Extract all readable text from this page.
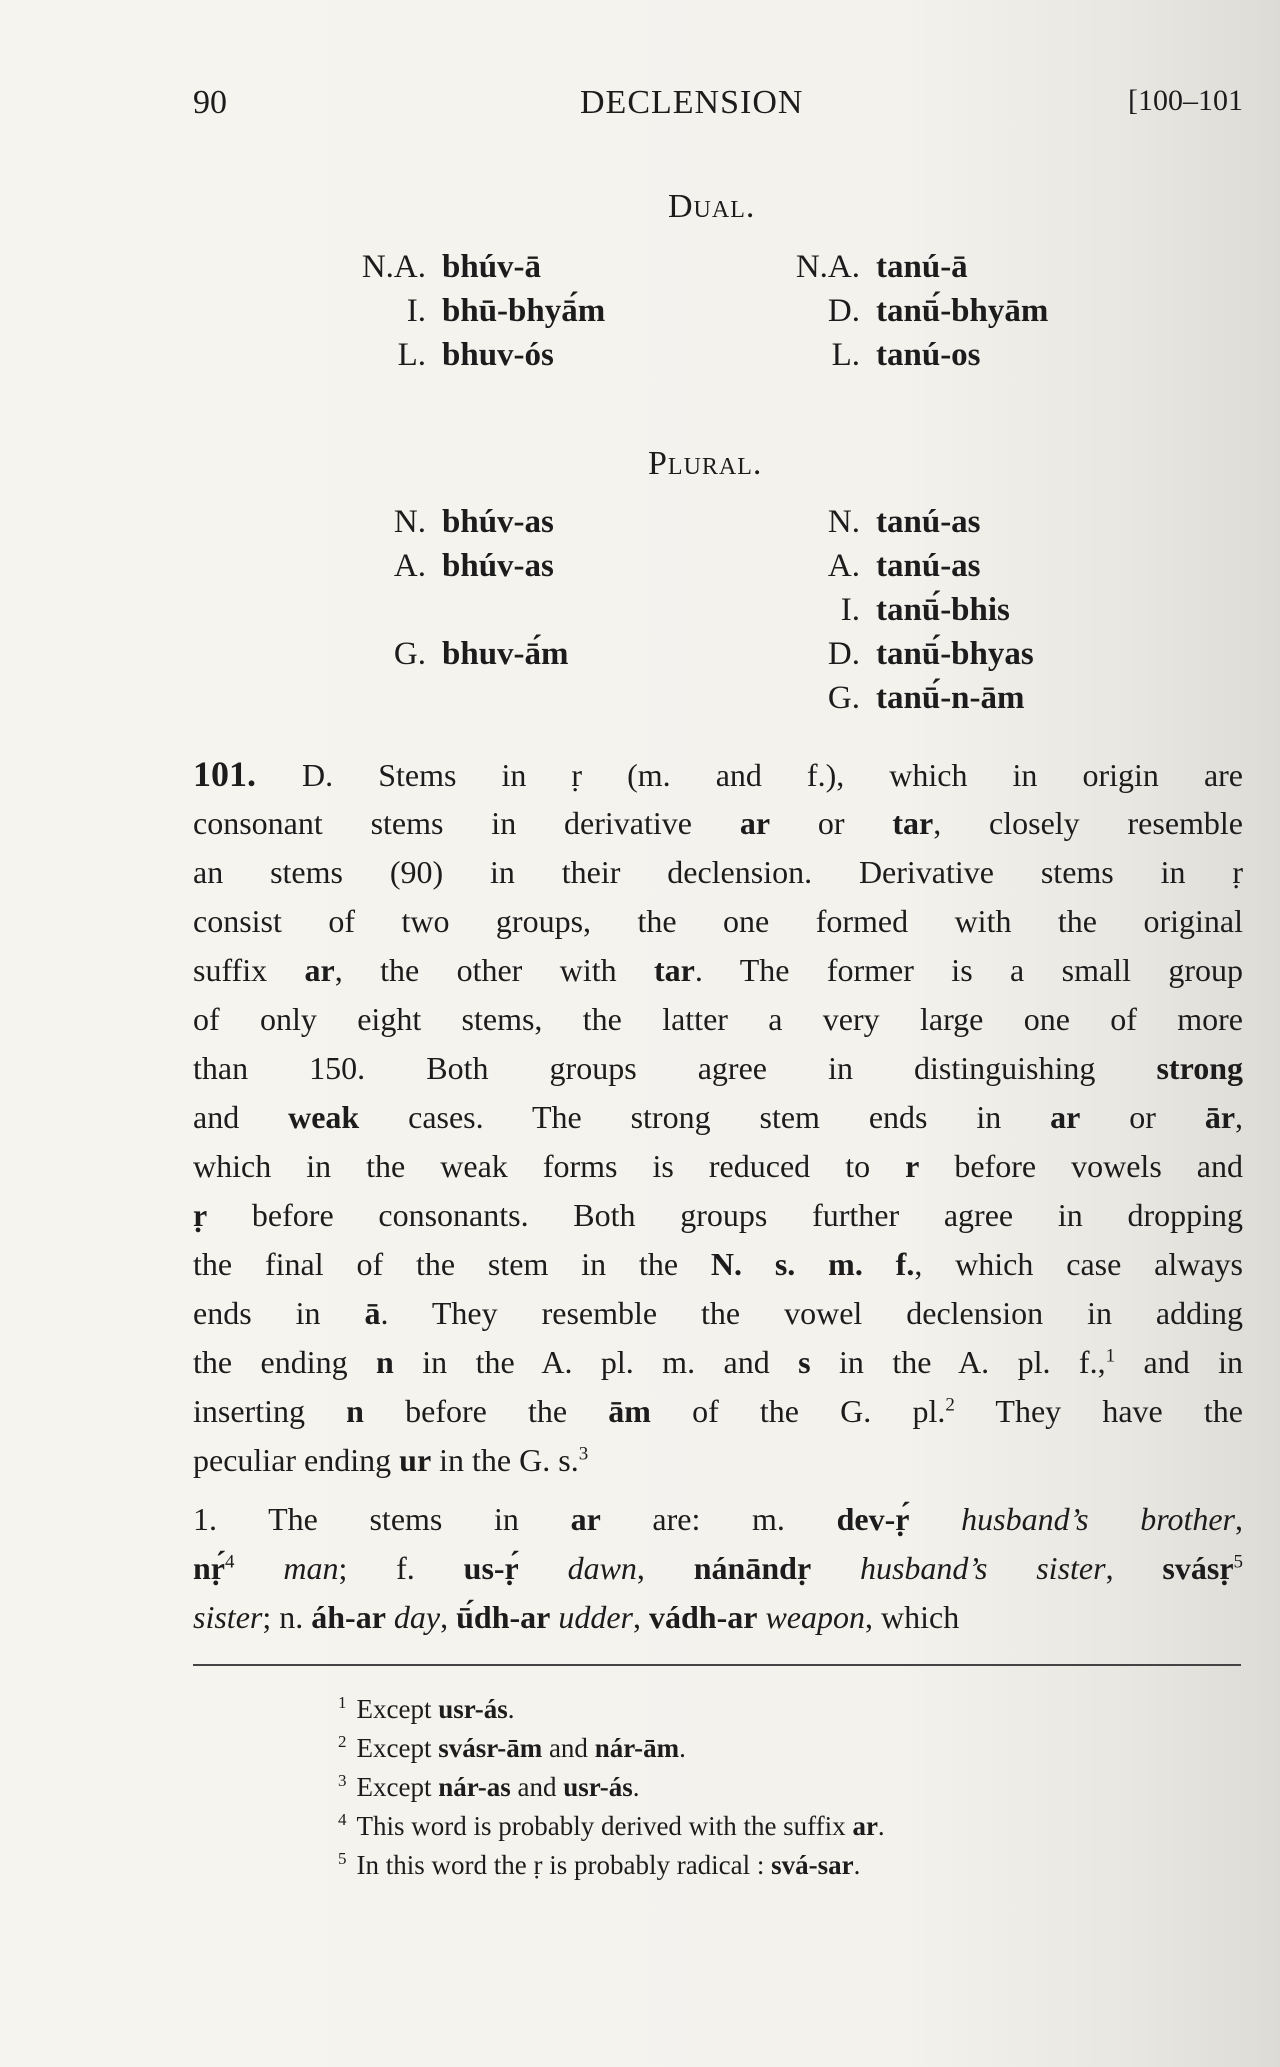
90	DECLENSION	[100–101
Dual.
N.A. bhúv-ā
I. bhū-bhyā́m
L. bhuv-ós
N.A. tanú-ā
D. tanū́-bhyām
L. tanú-os
Plural.
N. bhúv-as
A. bhúv-as
G. bhuv-ā́m
N. tanú-as
A. tanú-as
I. tanū́-bhis
D. tanū́-bhyas
G. tanū́-n-ām
101. D. Stems in ṛ (m. and f.), which in origin are
consonant stems in derivative ar or tar, closely resemble
an stems (90) in their declension. Derivative stems in ṛ
consist of two groups, the one formed with the original
suffix ar, the other with tar. The former is a small group
of only eight stems, the latter a very large one of more
than 150. Both groups agree in distinguishing strong
and weak cases. The strong stem ends in ar or ār,
which in the weak forms is reduced to r before vowels and
ṛ before consonants. Both groups further agree in dropping
the final of the stem in the N. s. m. f., which case always
ends in ā. They resemble the vowel declension in adding
the ending n in the A. pl. m. and s in the A. pl. f.,$^1$ and in
inserting n before the ām of the G. pl.$^2$ They have the
peculiar ending ur in the G. s.$^3$
1. The stems in ar are: m. dev-ṛ́ husband’s brother,
nṛ́$^4$ man; f. us-ṛ́ dawn, nánāndṛ husband’s sister, svásṛ$^5$
sister; n. áh-ar day, ū́dh-ar udder, vádh-ar weapon, which
$^1$ Except usr-ás.
$^2$ Except svásr-ām and nár-ām.
$^3$ Except nár-as and usr-ás.
$^4$ This word is probably derived with the suffix ar.
$^5$ In this word the ṛ is probably radical : svá-sar.
